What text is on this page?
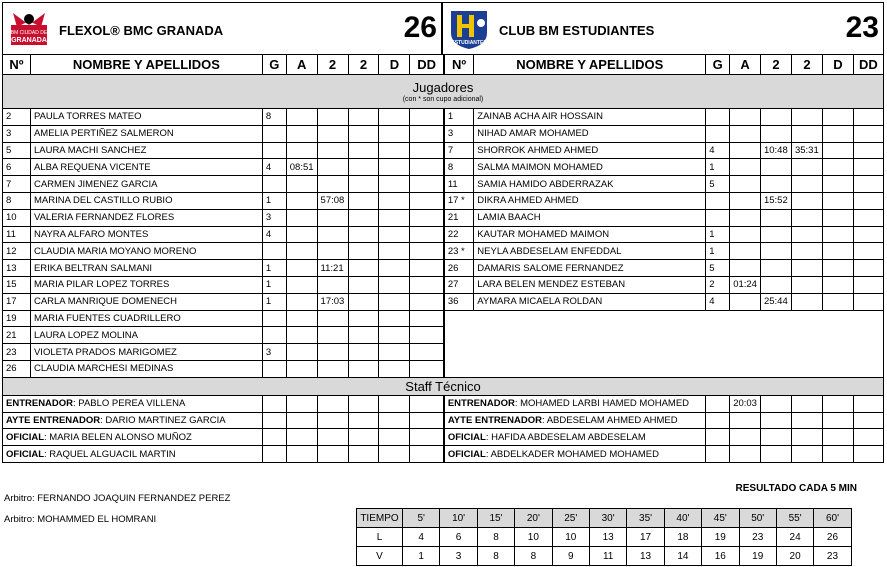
BM CIUDAD DE
GRANADA
FLEXOL® BMC GRANADA	26	ESTUDIANTES
CLUB BM ESTUDIANTES	23
Nº	NOMBRE Y APELLIDOS	G	A	2	2	D	DD	Nº	NOMBRE Y APELLIDOS	G	A	2	2	D	DD
Jugadores
(con * son cupo adicional)															

2	PAULA TORRES MATEO	8						1	ZAINAB ACHA AIR HOSSAIN						
3	AMELIA PERTIÑEZ SALMERON							3	NIHAD AMAR MOHAMED						
5	LAURA MACHI SANCHEZ							7	SHORROK AHMED AHMED	4		10:48	35:31		
6	ALBA REQUENA VICENTE	4	08:51					8	SALMA MAIMON MOHAMED	1					
7	CARMEN JIMENEZ GARCIA							11	SAMIA HAMIDO ABDERRAZAK	5					
8	MARINA DEL CASTILLO RUBIO	1		57:08				17 *	DIKRA AHMED AHMED			15:52			
10	VALERIA FERNANDEZ FLORES	3						21	LAMIA BAACH						
11	NAYRA ALFARO MONTES	4						22	KAUTAR MOHAMED MAIMON	1					
12	CLAUDIA MARIA MOYANO MORENO							23 *	NEYLA ABDESELAM ENFEDDAL	1					
13	ERIKA BELTRAN SALMANI	1		11:21				26	DAMARIS SALOME FERNANDEZ	5					
15	MARIA PILAR LOPEZ TORRES	1						27	LARA BELEN MENDEZ ESTEBAN	2	01:24				
17	CARLA MANRIQUE DOMENECH	1		17:03				36	AYMARA MICAELA ROLDAN	4		25:44			
19	MARIA FUENTES CUADRILLERO														
21	LAURA LOPEZ MOLINA														
23	VIOLETA PRADOS MARIGOMEZ	3													
26	CLAUDIA MARCHESI MEDINAS														
Staff Técnico															
ENTRENADOR: PABLO PEREA VILLENA								ENTRENADOR: MOHAMED LARBI HAMED MOHAMED			20:03				
AYTE ENTRENADOR: DARIO MARTINEZ GARCIA								AYTE ENTRENADOR: ABDESELAM AHMED AHMED							
OFICIAL: MARIA BELEN ALONSO MUÑOZ								OFICIAL: HAFIDA ABDESELAM ABDESELAM							
OFICIAL: RAQUEL ALGUACIL MARTIN								OFICIAL: ABDELKADER MOHAMED MOHAMED							
Arbitro: FERNANDO JOAQUIN FERNANDEZ PEREZ
Arbitro: MOHAMMED EL HOMRANI
RESULTADO CADA 5 MIN
TIEMPO	5'	10'	15'	20'	25'	30'	35'	40'	45'	50'	55'	60'
L	4	6	8	10	10	13	17	18	19	23	24	26
V	1	3	8	8	9	11	13	14	16	19	20	23
